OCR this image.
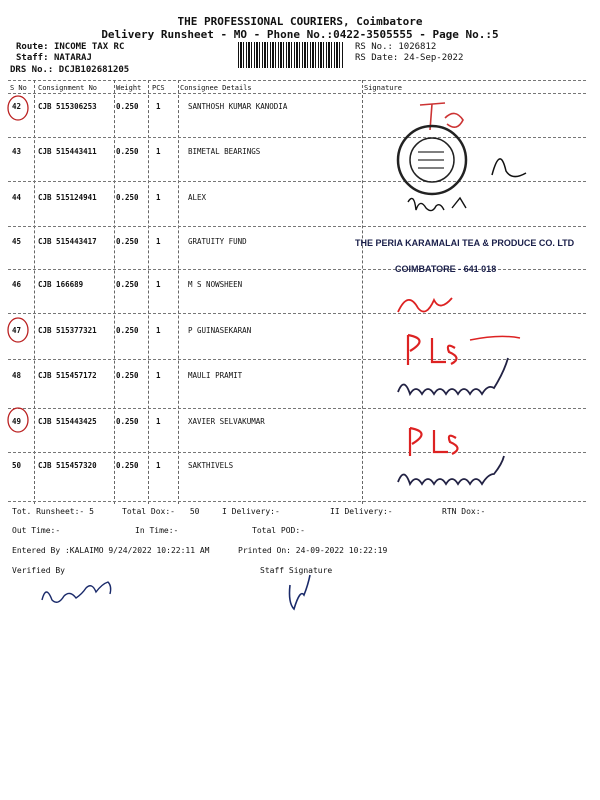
THE PROFESSIONAL COURIERS, Coimbatore
Delivery Runsheet - MO - Phone No.:0422-3505555 - Page No.:5
Route: INCOME TAX RC
Staff: NATARAJ
DRS No.: DCJB102681205
RS No.: 1026812
RS Date: 24-Sep-2022
S No Consignment No	Weight PCS Consignee Details	Signature
42 CJB 515306253	0.250 1	SANTHOSH KUMAR KANODIA
43 CJB 515443411	0.250 1	BIMETAL BEARINGS
44 CJB 515124941	0.250 1	ALEX
45 CJB 515443417	0.250 1	GRATUITY FUND
46 CJB 166689	0.250 1	M S NOWSHEEN
47 CJB 515377321	0.250 1	P GUINASEKARAN
48 CJB 515457172	0.250 1	MAULI PRAMIT
49 CJB 515443425	0.250 1	XAVIER SELVAKUMAR
50 CJB 515457320	0.250 1	SAKTHIVELS
THE PERIA KARAMALAI TEA & PRODUCE CO. LTD
COIMBATORE - 641 018
Tot. Runsheet:- 5	Total Dox:- 50	I Delivery:-	II Delivery:-	RTN Dox:-
Out Time:-	In Time:-	Total POD:-
Entered By :KALAIMO 9/24/2022 10:22:11 AM	Printed On: 24-09-2022 10:22:19
Verified By	Staff Signature
